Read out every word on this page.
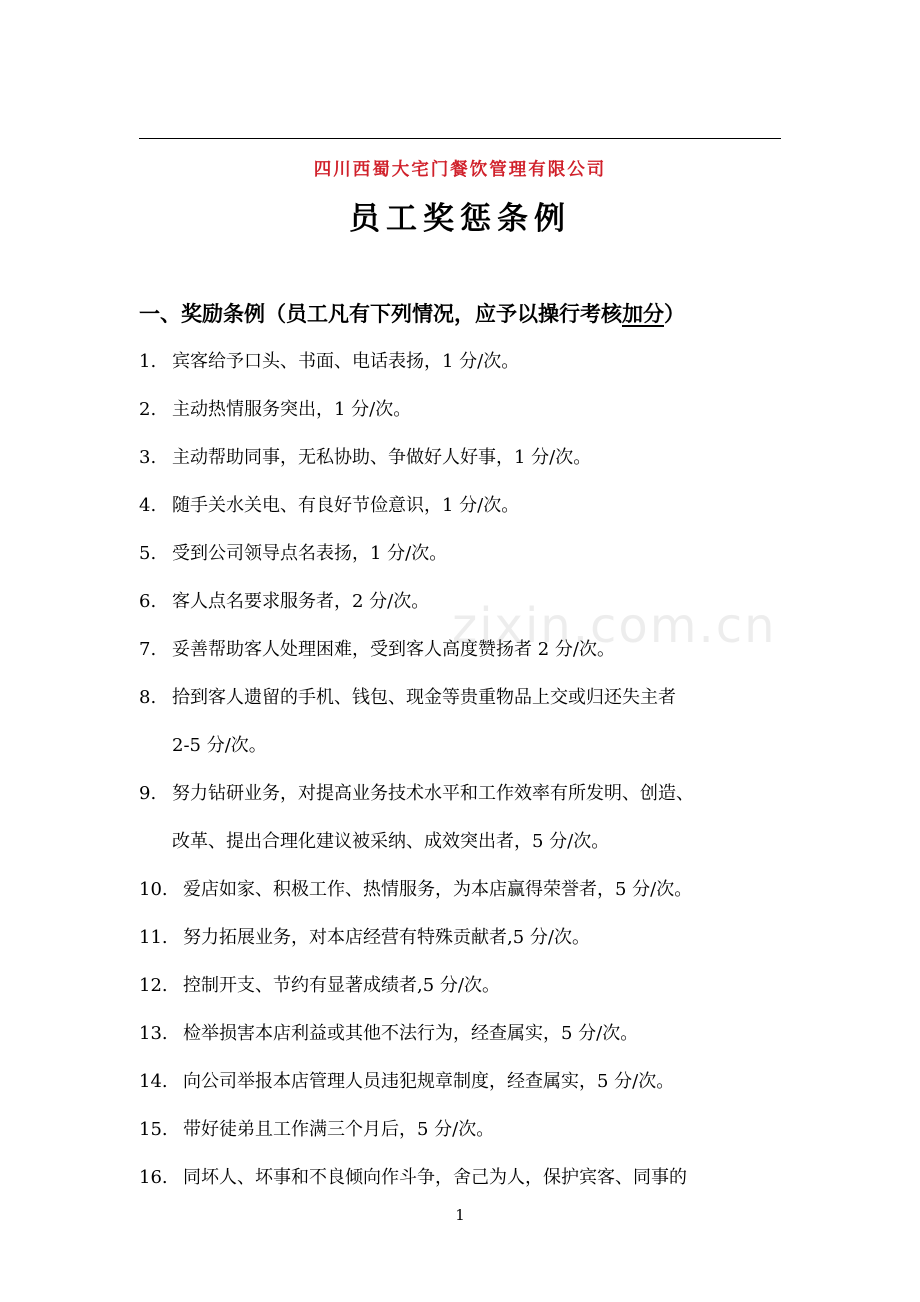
四川西蜀大宅门餐饮管理有限公司
员工奖惩条例
一、奖励条例（员工凡有下列情况，应予以操行考核加分）
1. 宾客给予口头、书面、电话表扬，1 分/次。
2. 主动热情服务突出，1 分/次。
3. 主动帮助同事，无私协助、争做好人好事，1 分/次。
4. 随手关水关电、有良好节俭意识，1 分/次。
5. 受到公司领导点名表扬，1 分/次。
6. 客人点名要求服务者，2 分/次。
7. 妥善帮助客人处理困难，受到客人高度赞扬者 2 分/次。
8. 拾到客人遗留的手机、钱包、现金等贵重物品上交或归还失主者
2-5 分/次。
9. 努力钻研业务，对提高业务技术水平和工作效率有所发明、创造、
改革、提出合理化建议被采纳、成效突出者，5 分/次。
10. 爱店如家、积极工作、热情服务，为本店赢得荣誉者，5 分/次。
11. 努力拓展业务，对本店经营有特殊贡献者,5 分/次。
12. 控制开支、节约有显著成绩者,5 分/次。
13. 检举损害本店利益或其他不法行为，经查属实，5 分/次。
14. 向公司举报本店管理人员违犯规章制度，经查属实，5 分/次。
15. 带好徒弟且工作满三个月后，5 分/次。
16. 同坏人、坏事和不良倾向作斗争，舍己为人，保护宾客、同事的
zixin.com.cn
1
